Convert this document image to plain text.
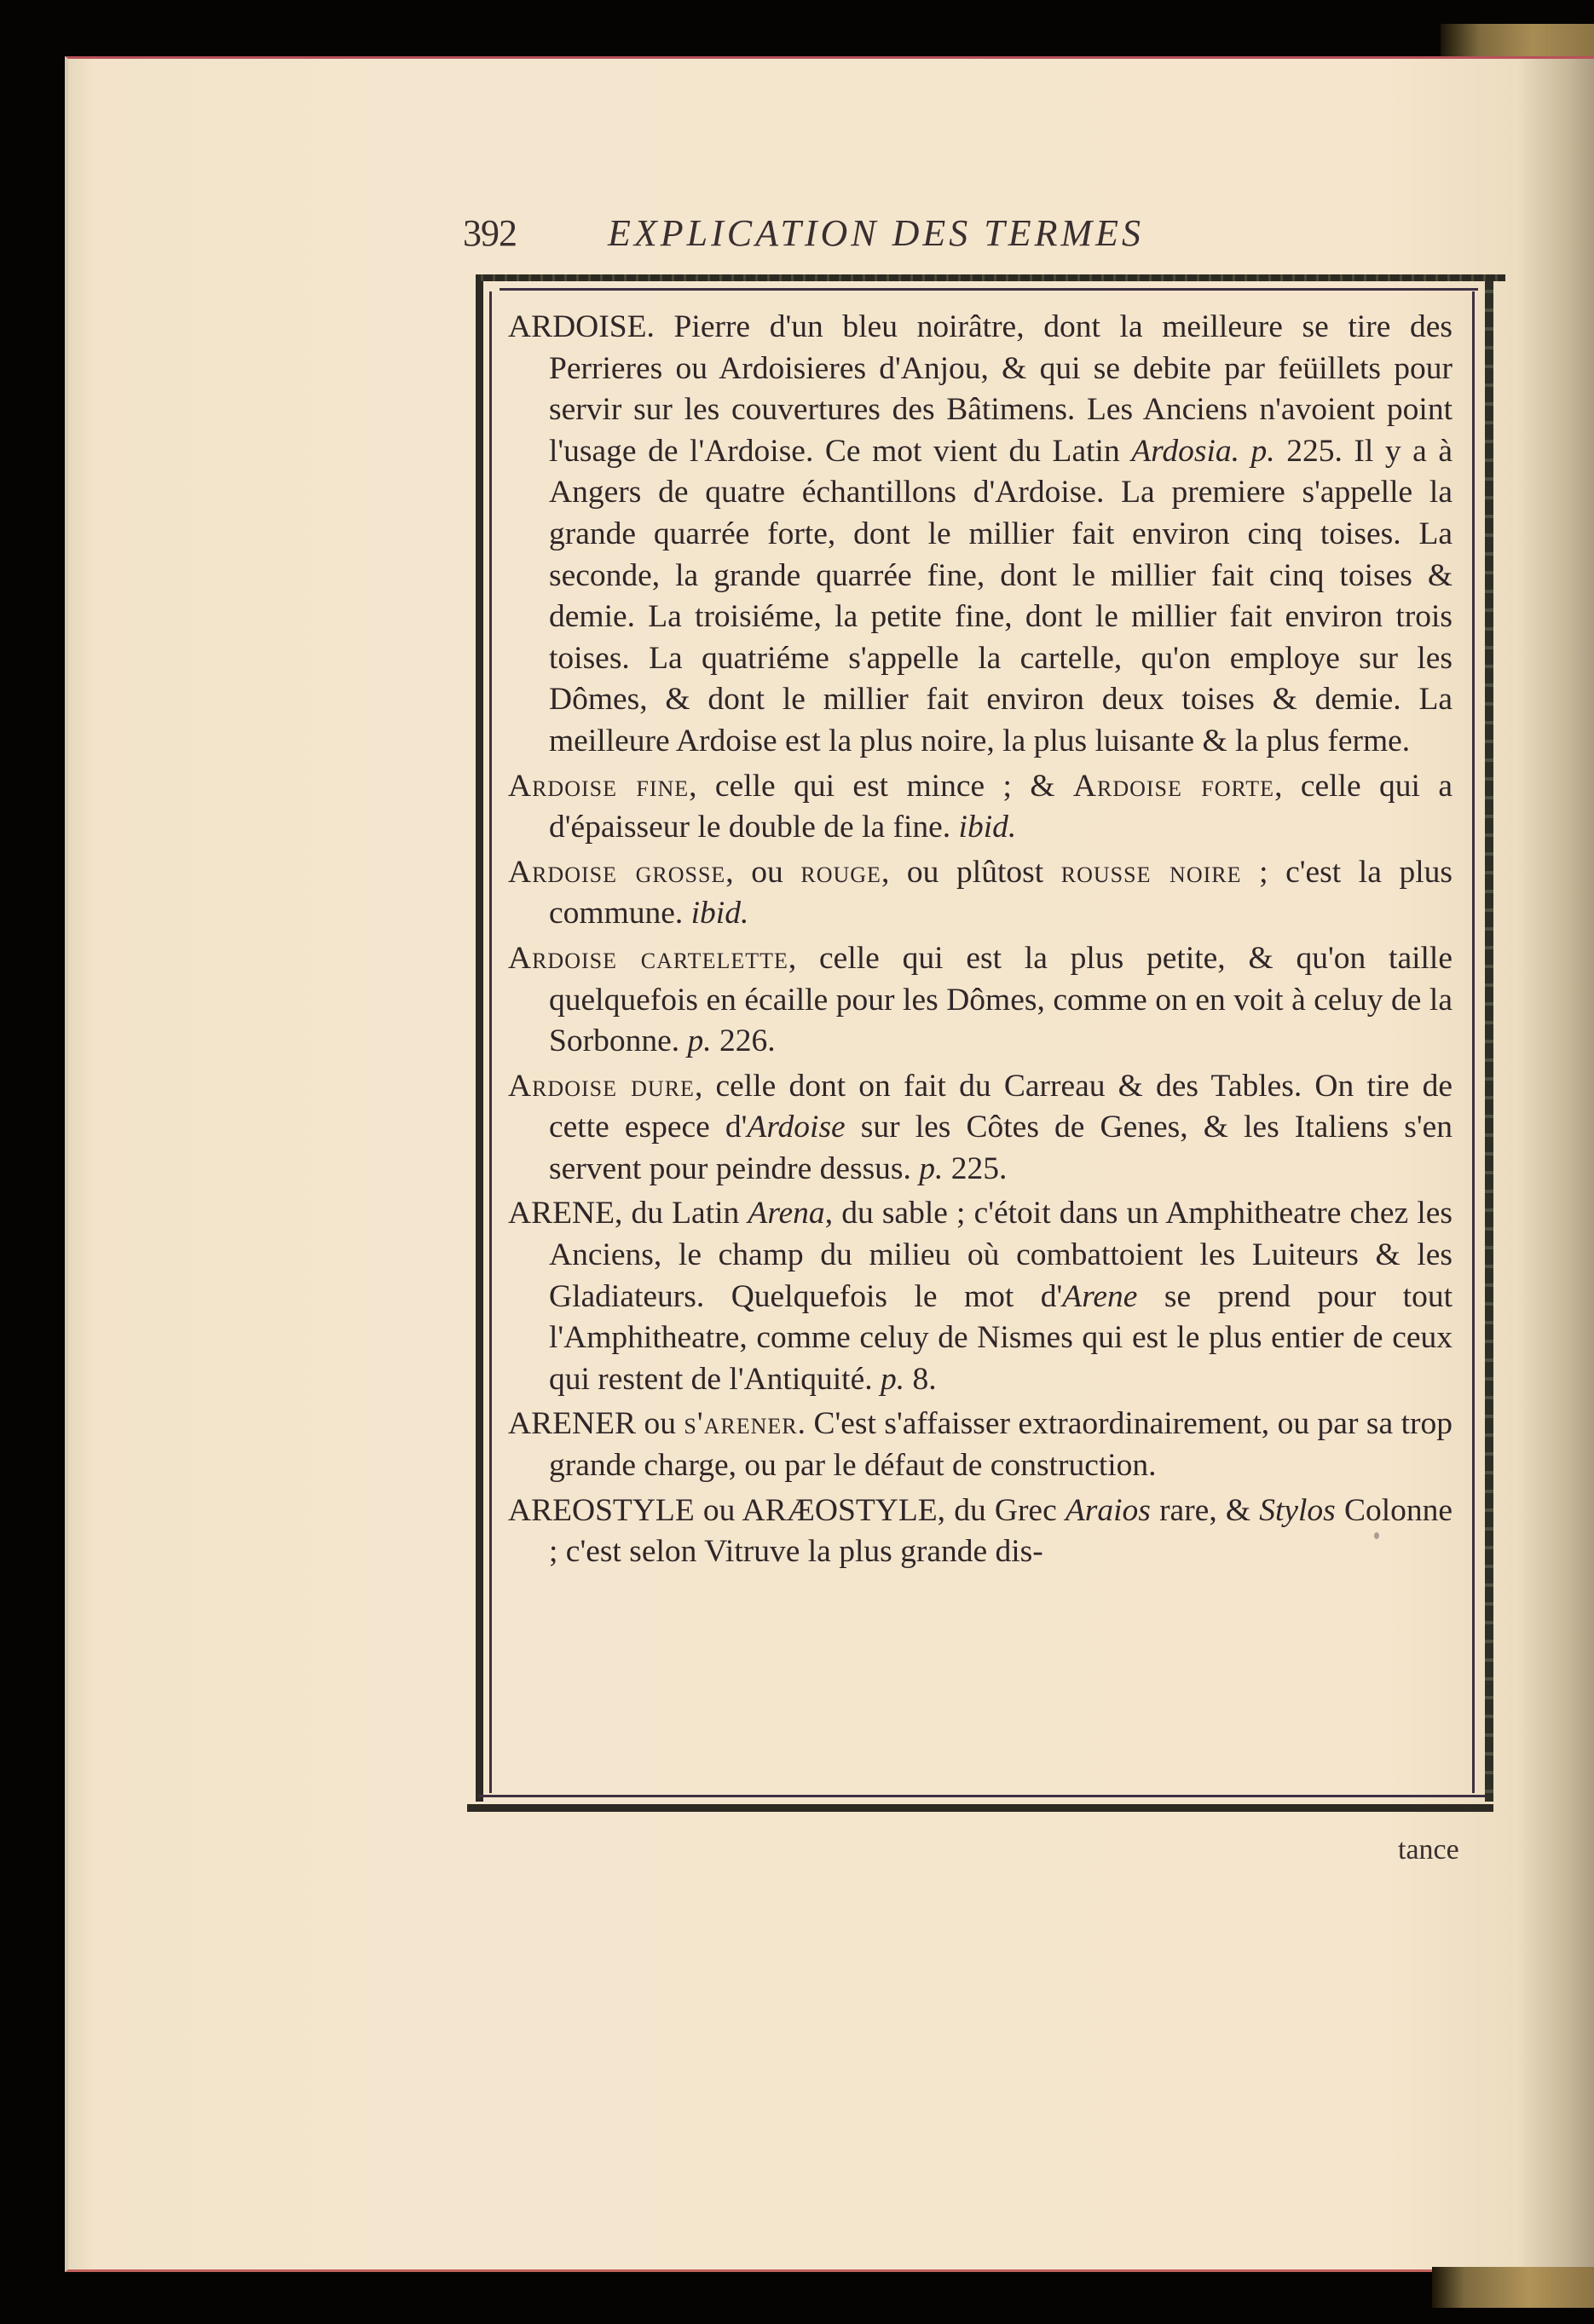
392 EXPLICATION DES TERMES

ARDOISE. Pierre d'un bleu noirâtre, dont la meilleure se tire des Perrieres ou Ardoisieres d'Anjou, & qui se debite par feüillets pour servir sur les couvertures des Bâtimens. Les Anciens n'avoient point l'usage de l'Ardoise. Ce mot vient du Latin Ardosia. p. 225. Il y a à Angers de quatre échantillons d'Ardoise. La premiere s'appelle la grande quarrée forte, dont le millier fait environ cinq toises. La seconde, la grande quarrée fine, dont le millier fait cinq toises & demie. La troisiéme, la petite fine, dont le millier fait environ trois toises. La quatriéme s'appelle la cartelle, qu'on employe sur les Dômes, & dont le millier fait environ deux toises & demie. La meilleure Ardoise est la plus noire, la plus luisante & la plus ferme.

Ardoise fine, celle qui est mince ; & Ardoise forte, celle qui a d'épaisseur le double de la fine. ibid.

Ardoise grosse, ou rouge, ou plûtost rousse noire ; c'est la plus commune. ibid.

Ardoise cartelette, celle qui est la plus petite, & qu'on taille quelquefois en écaille pour les Dômes, comme on en voit à celuy de la Sorbonne. p. 226.

Ardoise dure, celle dont on fait du Carreau & des Tables. On tire de cette espece d'Ardoise sur les Côtes de Genes, & les Italiens s'en servent pour peindre dessus. p. 225.

ARENE, du Latin Arena, du sable ; c'étoit dans un Amphitheatre chez les Anciens, le champ du milieu où combattoient les Luiteurs & les Gladiateurs. Quelquefois le mot d'Arene se prend pour tout l'Amphitheatre, comme celuy de Nismes qui est le plus entier de ceux qui restent de l'Antiquité. p. 8.

ARENER ou s'arener. C'est s'affaisser extraordinairement, ou par sa trop grande charge, ou par le défaut de construction.

AREOSTYLE ou ARÆOSTYLE, du Grec Araios rare, & Stylos Colonne ; c'est selon Vitruve la plus grande dis-

tance
